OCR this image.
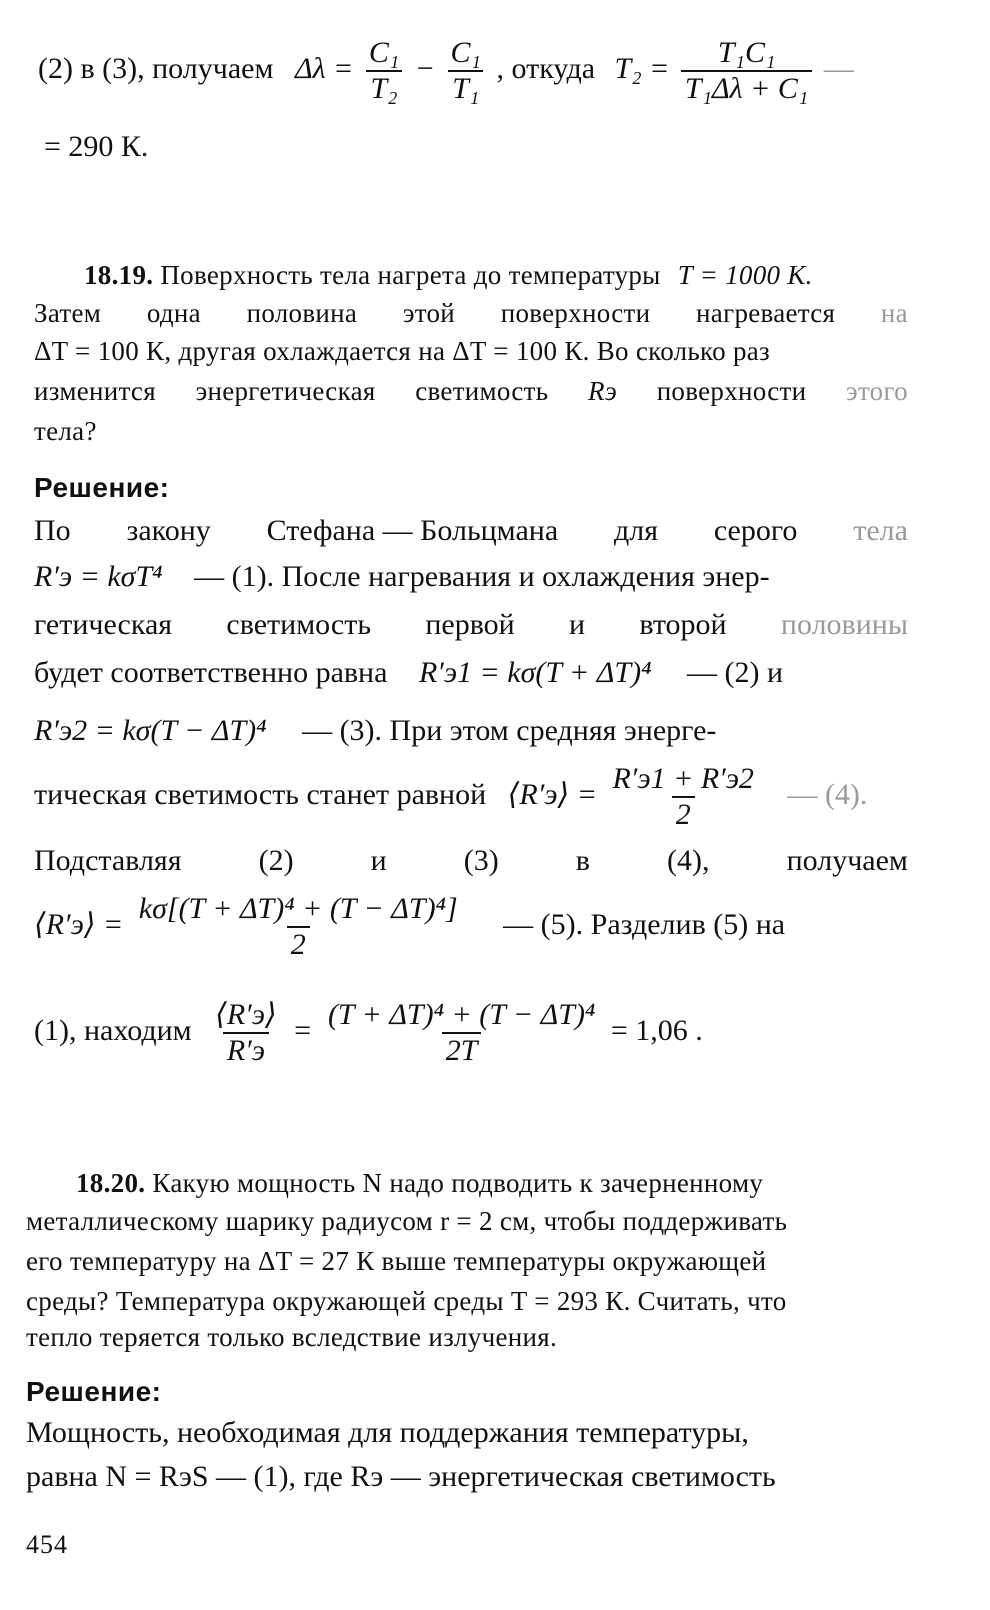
(2) в (3), получаем $\Delta\lambda = \frac{\text{C₁}}{\text{T₂}} - \frac{\text{C₁}}{\text{T₁}}$ , откуда $T_2 = \frac{\text{T₁C₁}}{\text{T₁Δλ + C₁}}$ —
= 290 К.
18.19. Поверхность тела нагрета до температуры T = 1000 К.
Затем одна половина этой поверхности нагревается на
ΔT = 100 К, другая охлаждается на ΔT = 100 К. Во сколько раз
изменится энергетическая светимость Rэ поверхности этого
тела?
Решение:
По закону Стефана — Больцмана для серого тела
R′э = kσT⁴ — (1). После нагревания и охлаждения энер-
гетическая светимость первой и второй половины
будет соответственно равна R′э1 = kσ(T + ΔT)⁴ — (2) и
R′э2 = kσ(T − ΔT)⁴ — (3). При этом средняя энерге-
тическая светимость станет равной ⟨R′э⟩ = $\frac{R'э1 + R'э2}{2}$ — (4).
Подставляя	(2)	и	(3)	в	(4),	получаем
⟨R′э⟩ = $\frac{\text{kσ[(T + ΔT)⁴ + (T − ΔT)⁴]}}{2}$ — (5). Разделив (5) на
(1), находим $\frac{⟨R'э⟩}{R'э} = \frac{\text{(T + ΔT)⁴ + (T − ΔT)⁴}}{2T} = 1,06$ .
18.20. Какую мощность N надо подводить к зачерненному
металлическому шарику радиусом r = 2 см, чтобы поддерживать
его температуру на ΔT = 27 К выше температуры окружающей
среды? Температура окружающей среды T = 293 К. Считать, что
тепло теряется только вследствие излучения.
Решение:
Мощность, необходимая для поддержания температуры,
равна N = RэS — (1), где Rэ — энергетическая светимость
454
